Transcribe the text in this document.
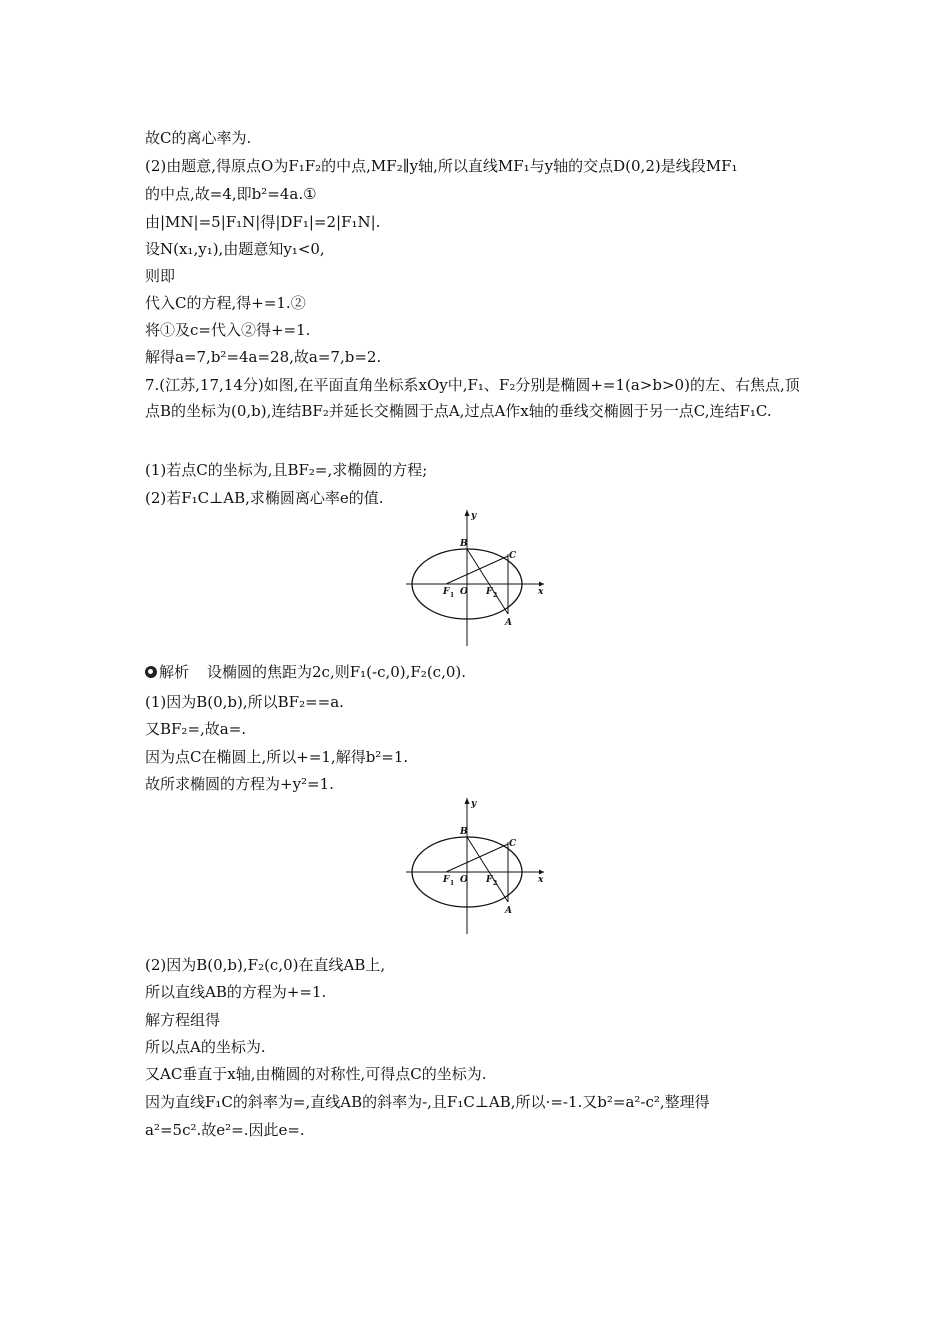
故C的离心率为.
(2)由题意,得原点O为F₁F₂的中点,MF₂∥y轴,所以直线MF₁与y轴的交点D(0,2)是线段MF₁
的中点,故=4,即b²=4a.①
由|MN|=5|F₁N|得|DF₁|=2|F₁N|.
设N(x₁,y₁),由题意知y₁<0,
则即
代入C的方程,得+=1.②
将①及c=代入②得+=1.
解得a=7,b²=4a=28,故a=7,b=2.
7.(江苏,17,14分)如图,在平面直角坐标系xOy中,F₁、F₂分别是椭圆+=1(a>b>0)的左、右焦点,顶点B的坐标为(0,b),连结BF₂并延长交椭圆于点A,过点A作x轴的垂线交椭圆于另一点C,连结F₁C.
(1)若点C的坐标为,且BF₂=,求椭圆的方程;
(2)若F₁C⊥AB,求椭圆离心率e的值.
B
C
A
y
x
O
F 1	F 2
解析 设椭圆的焦距为2c,则F₁(-c,0),F₂(c,0).
(1)因为B(0,b),所以BF₂==a.
又BF₂=,故a=.
因为点C在椭圆上,所以+=1,解得b²=1.
故所求椭圆的方程为+y²=1.
B
C
A
y
x
O
F 1	F 2
(2)因为B(0,b),F₂(c,0)在直线AB上,
所以直线AB的方程为+=1.
解方程组得
所以点A的坐标为.
又AC垂直于x轴,由椭圆的对称性,可得点C的坐标为.
因为直线F₁C的斜率为=,直线AB的斜率为-,且F₁C⊥AB,所以·=-1.又b²=a²-c²,整理得
a²=5c².故e²=.因此e=.
